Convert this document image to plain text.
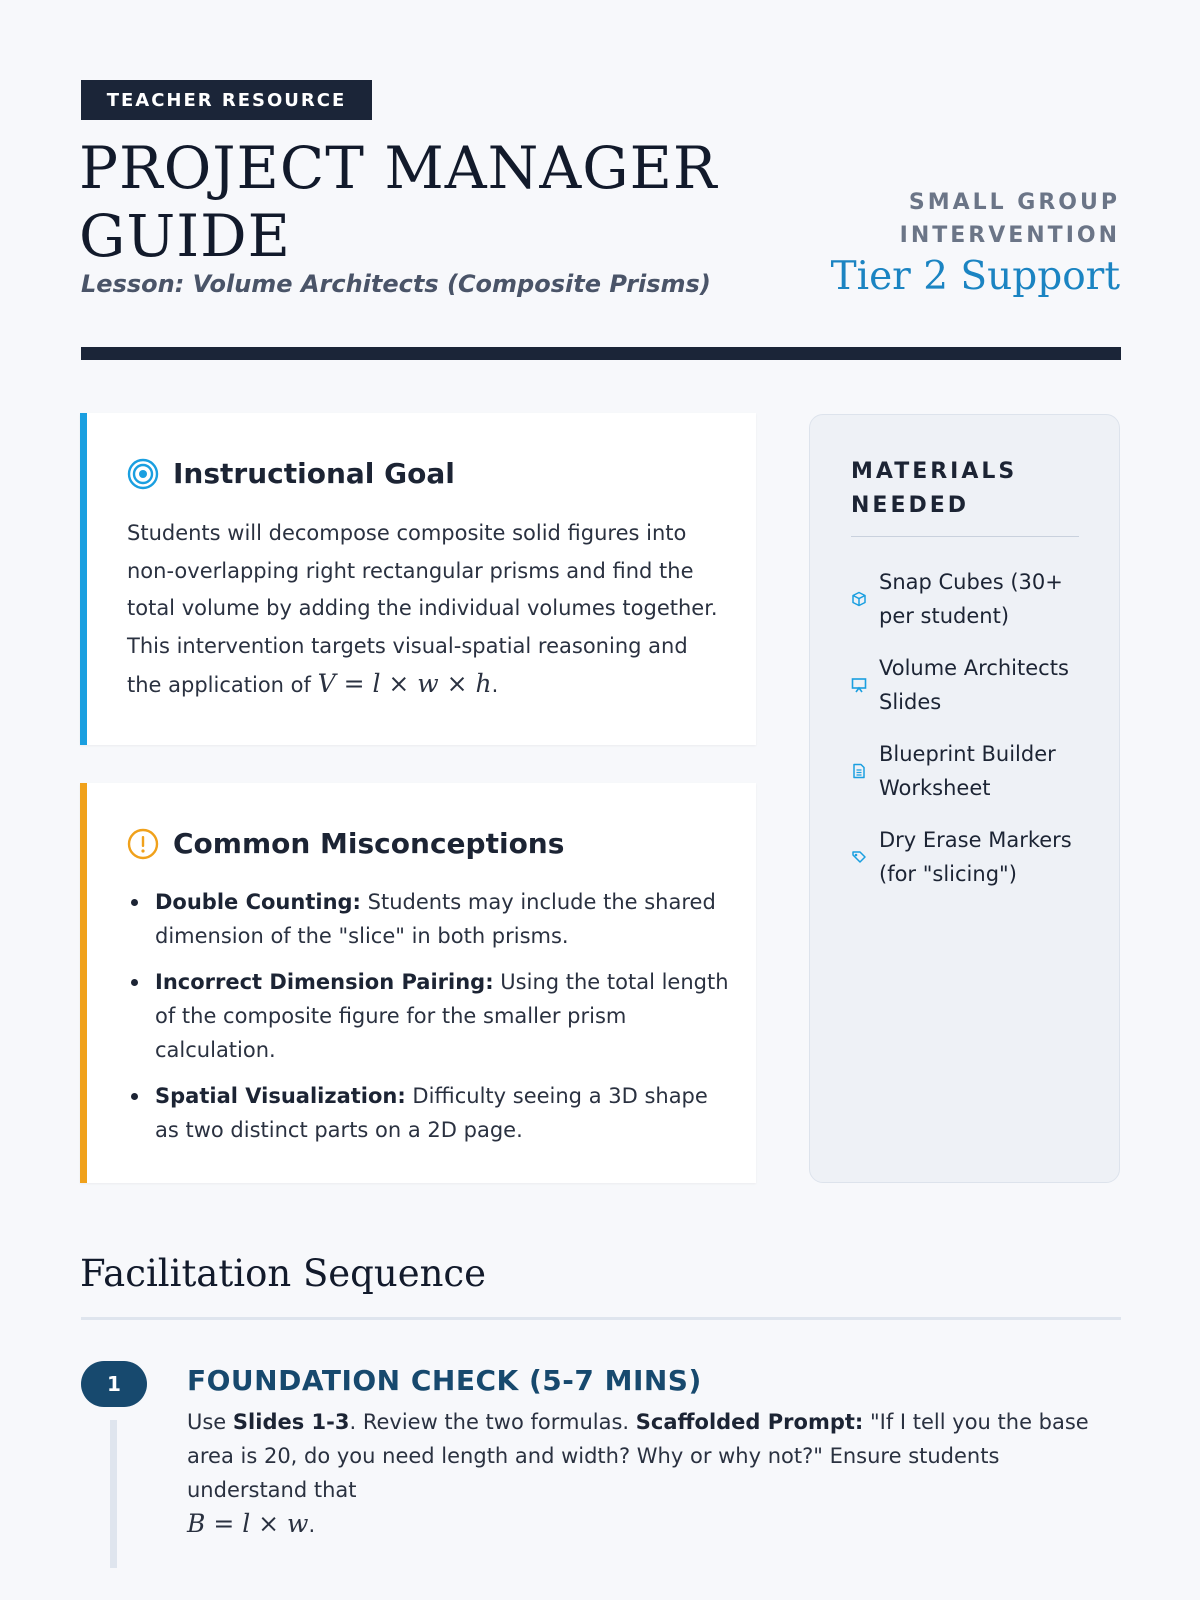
TEACHER RESOURCE
PROJECT MANAGER
GUIDE
Lesson: Volume Architects (Composite Prisms)
SMALL GROUP INTERVENTION
Tier 2 Support
Instructional Goal

Students will decompose composite solid figures into non-overlapping right rectangular prisms and find the total volume by adding the individual volumes together. This intervention targets visual-spatial reasoning and the application of V = l × w × h.

Common Misconceptions
Double Counting: Students may include the shared dimension of the "slice" in both prisms.
Incorrect Dimension Pairing: Using the total length of the composite figure for the smaller prism calculation.
Spatial Visualization: Difficulty seeing a 3D shape as two distinct parts on a 2D page.
MATERIALS NEEDED
Snap Cubes (30+ per student)
Volume Architects Slides
Blueprint Builder Worksheet
Dry Erase Markers (for "slicing")
Facilitation Sequence
1	FOUNDATION CHECK (5-7 MINS)

Use Slides 1-3. Review the two formulas. Scaffolded Prompt: "If I tell you the base area is 20, do you need length and width? Why or why not?" Ensure students understand that
B = l × w.
